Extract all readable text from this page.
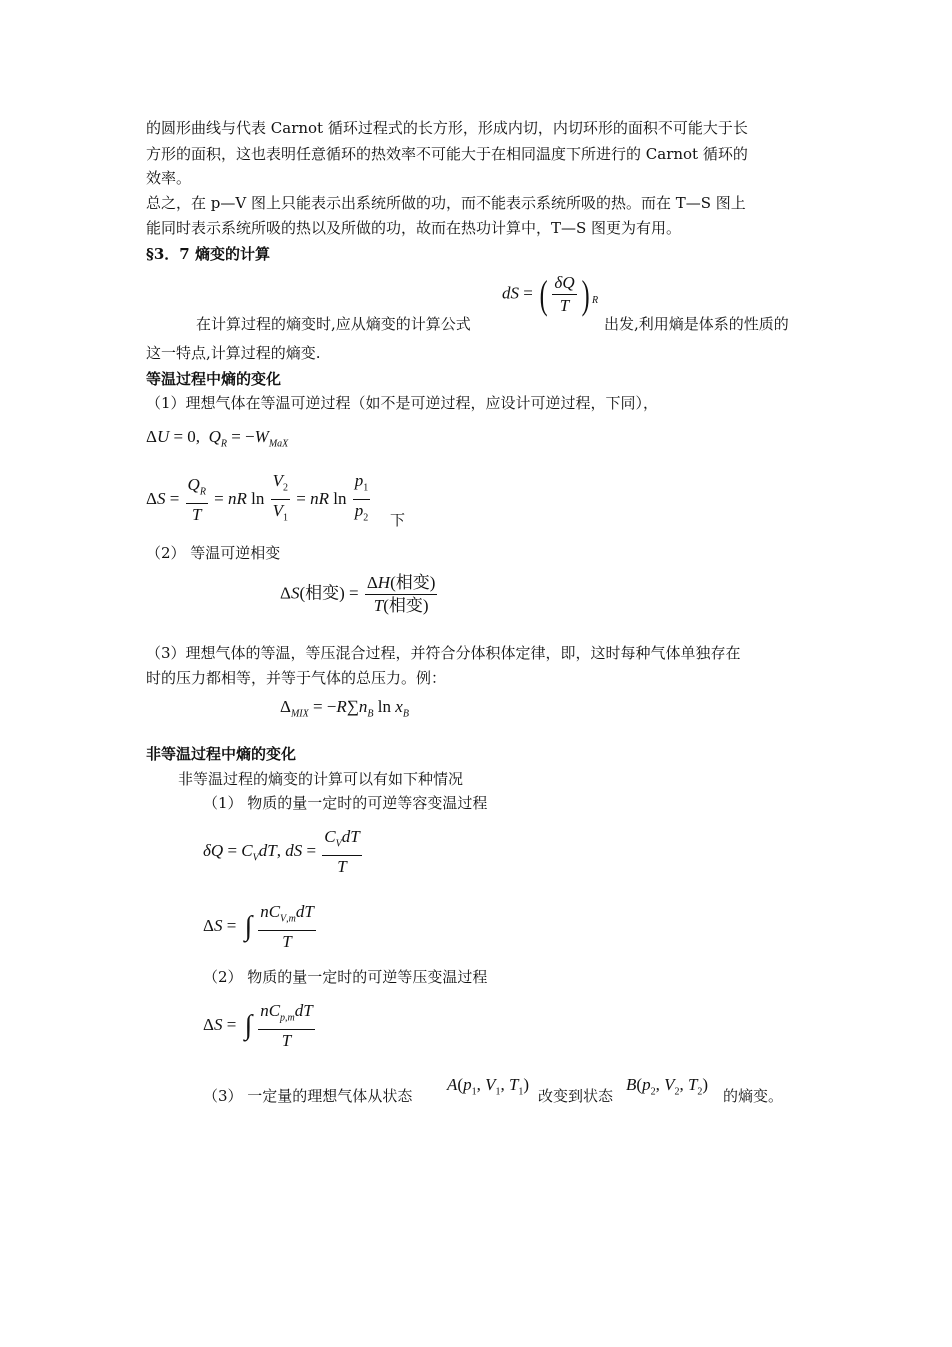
的圆形曲线与代表 Carnot 循环过程式的长方形，形成内切，内切环形的面积不可能大于长
方形的面积，这也表明任意循环的热效率不可能大于在相同温度下所进行的 Carnot 循环的
效率。
总之，在 p—V 图上只能表示出系统所做的功，而不能表示系统所吸的热。而在 T—S 图上
能同时表示系统所吸的热以及所做的功，故而在热功计算中，T—S 图更为有用。
§3．7 熵变的计算
dS = ( $\frac{\delta Q}{T}$ ) $_R$
在计算过程的熵变时,应从熵变的计算公式	出发,利用熵是体系的性质的
这一特点,计算过程的熵变.
等温过程中熵的变化
（1）理想气体在等温可逆过程（如不是可逆过程，应设计可逆过程，下同），
ΔU = 0,  $Q_R = -W_{MaX}$
$\Delta S = \frac{Q_R}{T}$ = nR $\ln \frac{V_2}{V_1}$ = nR $\ln \frac{p_1}{p_2}$ 下
（2） 等温可逆相变
ΔS(相变) = $\frac{\text{ΔH(相变)}}{\text{T(相变)}}$
（3）理想气体的等温，等压混合过程，并符合分体积体定律，即，这时每种气体单独存在
时的压力都相等，并等于气体的总压力。例：
$\Delta_{MIX} = -R\sum n_B$ $\ln x_B$
非等温过程中熵的变化
非等温过程的熵变的计算可以有如下种情况
（1） 物质的量一定时的可逆等容变温过程
$\delta Q = C_VdT$, dS = $\frac{C_VdT}{T}$
ΔS = ∫ $\frac{nC_{V,m}dT}{T}$
（2） 物质的量一定时的可逆等压变温过程
ΔS = ∫ $\frac{nC_{p,m}dT}{T}$
（3） 一定量的理想气体从状态
$A(p_1$, $V_1$, $T_1$)
改变到状态
$B(p_2$, $V_2$, $T_2$)
的熵变。
